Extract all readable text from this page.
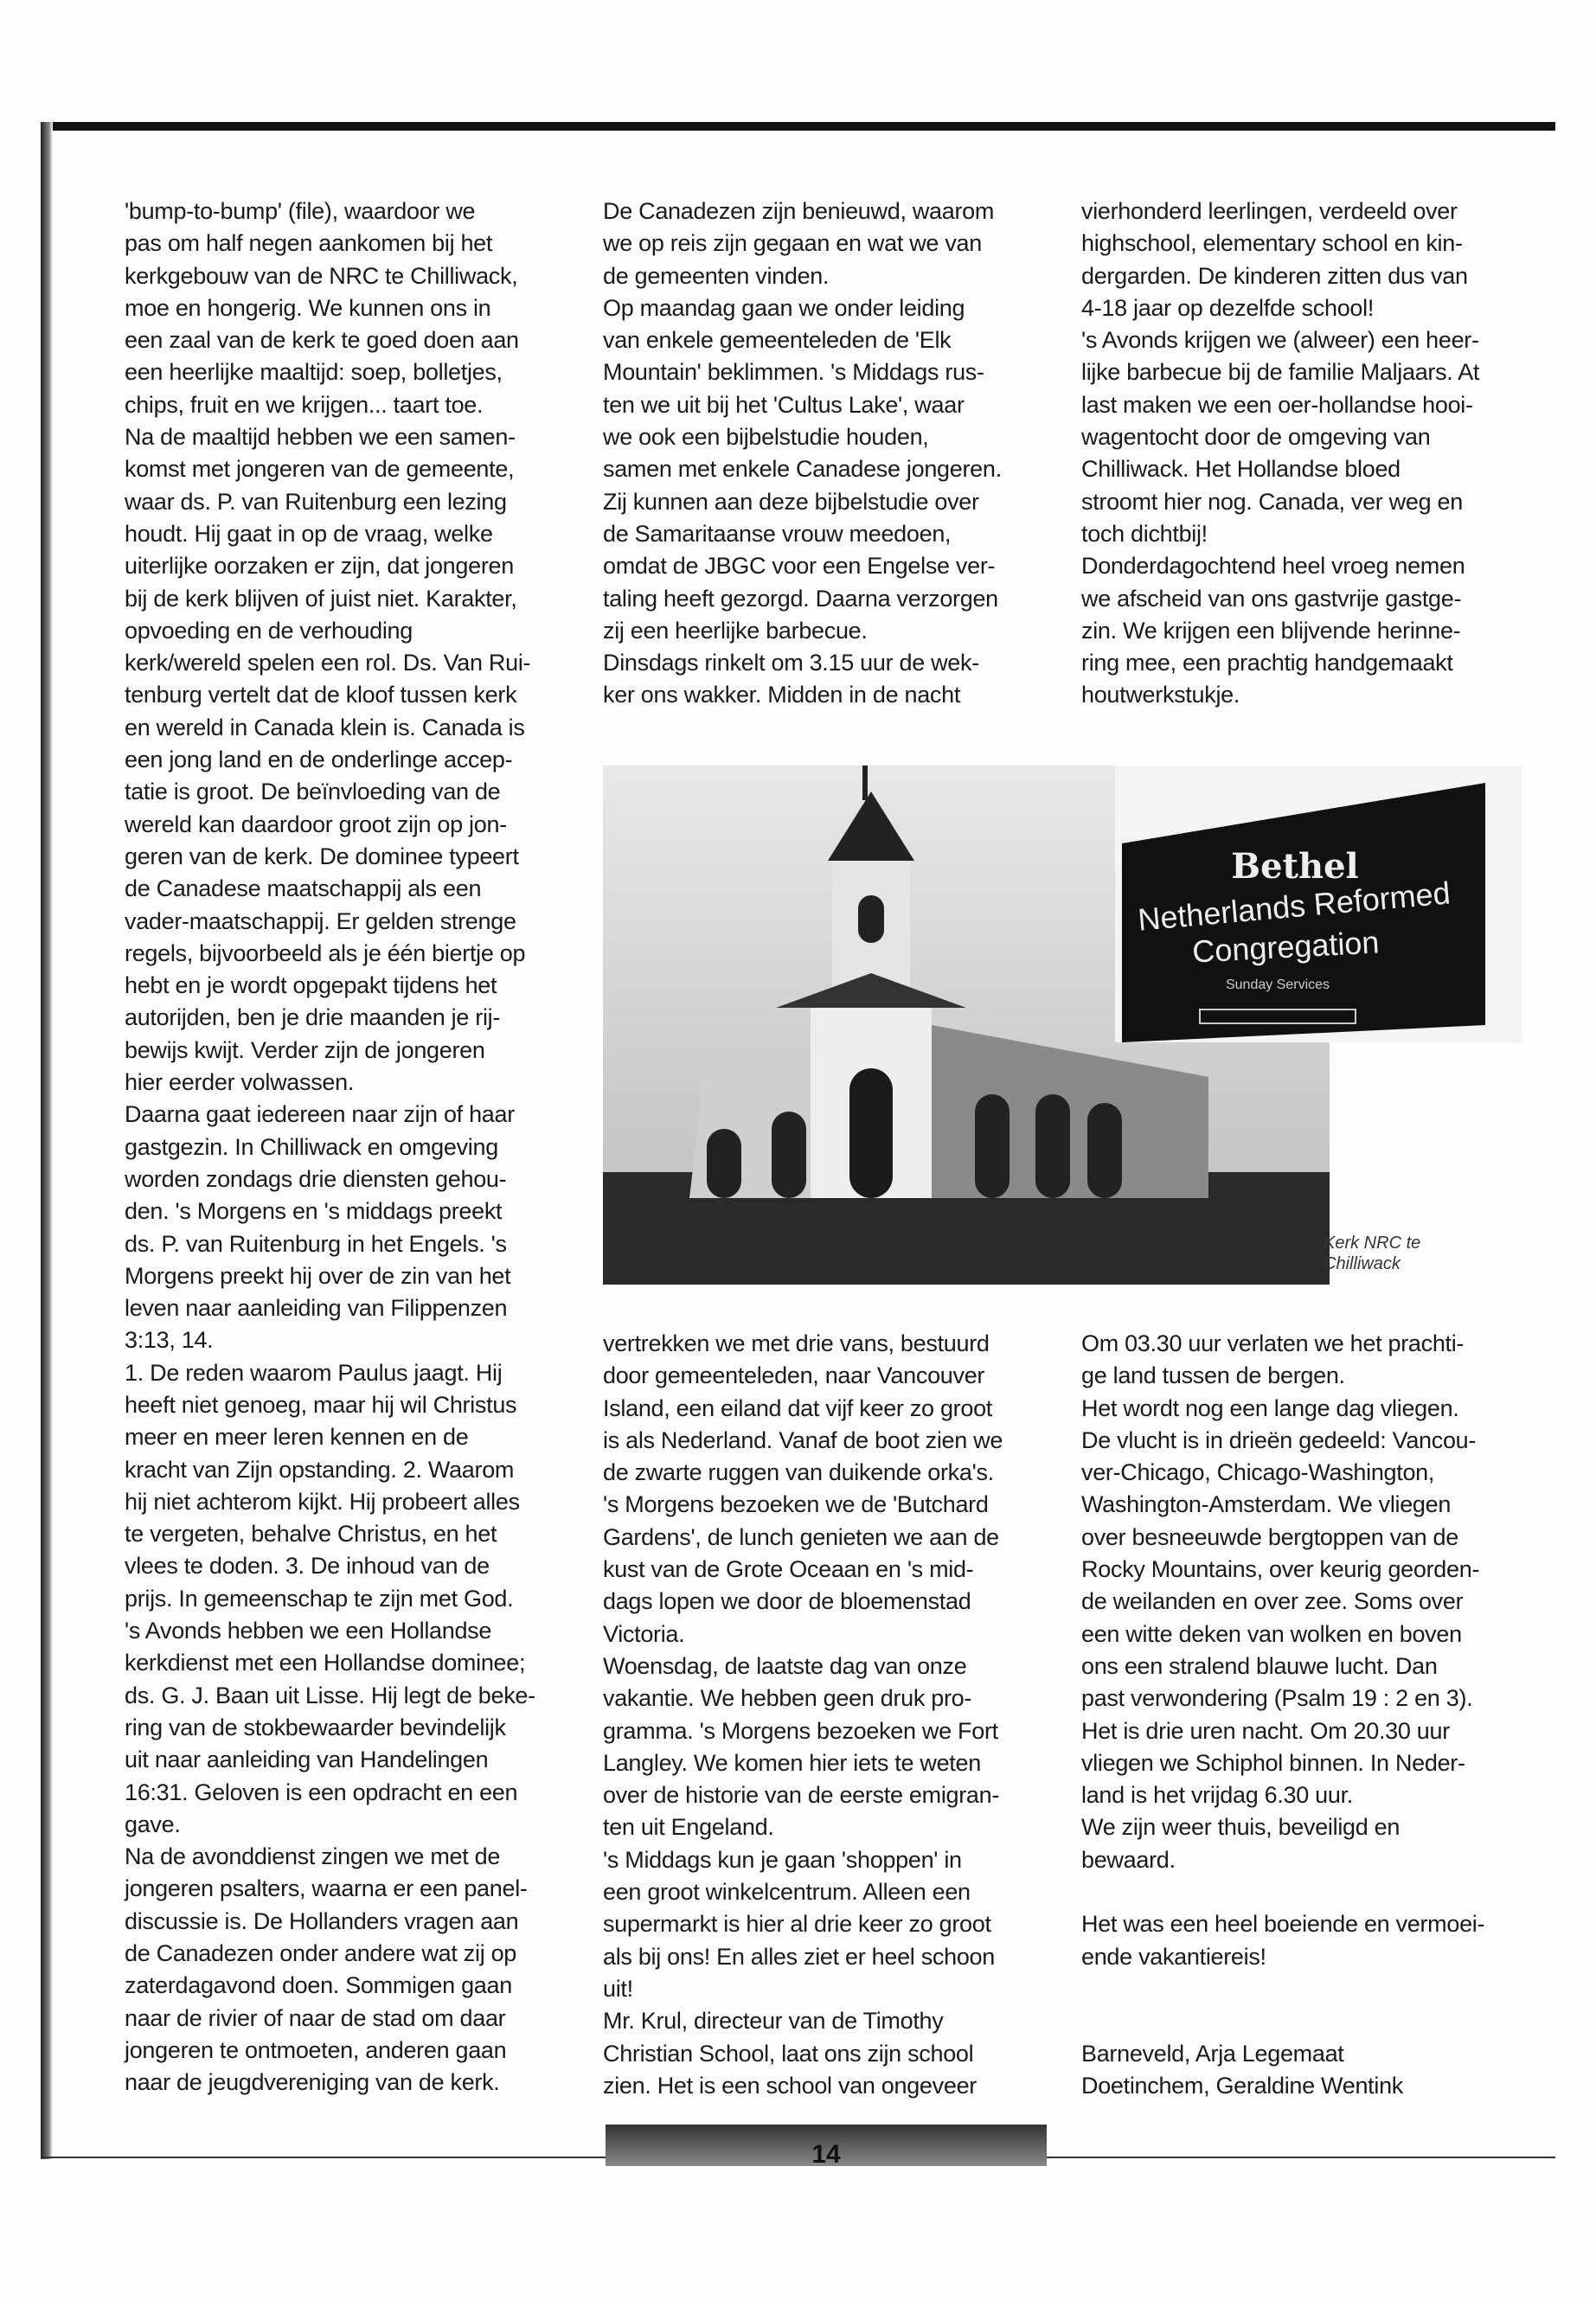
'bump-to-bump' (file), waardoor we
pas om half negen aankomen bij het
kerkgebouw van de NRC te Chilliwack,
moe en hongerig. We kunnen ons in
een zaal van de kerk te goed doen aan
een heerlijke maaltijd: soep, bolletjes,
chips, fruit en we krijgen... taart toe.
Na de maaltijd hebben we een samen-
komst met jongeren van de gemeente,
waar ds. P. van Ruitenburg een lezing
houdt. Hij gaat in op de vraag, welke
uiterlijke oorzaken er zijn, dat jongeren
bij de kerk blijven of juist niet. Karakter,
opvoeding en de verhouding
kerk/wereld spelen een rol. Ds. Van Rui-
tenburg vertelt dat de kloof tussen kerk
en wereld in Canada klein is. Canada is
een jong land en de onderlinge accep-
tatie is groot. De beïnvloeding van de
wereld kan daardoor groot zijn op jon-
geren van de kerk. De dominee typeert
de Canadese maatschappij als een
vader-maatschappij. Er gelden strenge
regels, bijvoorbeeld als je één biertje op
hebt en je wordt opgepakt tijdens het
autorijden, ben je drie maanden je rij-
bewijs kwijt. Verder zijn de jongeren
hier eerder volwassen.
Daarna gaat iedereen naar zijn of haar
gastgezin. In Chilliwack en omgeving
worden zondags drie diensten gehou-
den. 's Morgens en 's middags preekt
ds. P. van Ruitenburg in het Engels. 's
Morgens preekt hij over de zin van het
leven naar aanleiding van Filippenzen
3:13, 14.
1. De reden waarom Paulus jaagt. Hij
heeft niet genoeg, maar hij wil Christus
meer en meer leren kennen en de
kracht van Zijn opstanding. 2. Waarom
hij niet achterom kijkt. Hij probeert alles
te vergeten, behalve Christus, en het
vlees te doden. 3. De inhoud van de
prijs. In gemeenschap te zijn met God.
's Avonds hebben we een Hollandse
kerkdienst met een Hollandse dominee;
ds. G. J. Baan uit Lisse. Hij legt de beke-
ring van de stokbewaarder bevindelijk
uit naar aanleiding van Handelingen
16:31. Geloven is een opdracht en een
gave.
Na de avonddienst zingen we met de
jongeren psalters, waarna er een panel-
discussie is. De Hollanders vragen aan
de Canadezen onder andere wat zij op
zaterdagavond doen. Sommigen gaan
naar de rivier of naar de stad om daar
jongeren te ontmoeten, anderen gaan
naar de jeugdvereniging van de kerk.
De Canadezen zijn benieuwd, waarom
we op reis zijn gegaan en wat we van
de gemeenten vinden.
Op maandag gaan we onder leiding
van enkele gemeenteleden de 'Elk
Mountain' beklimmen. 's Middags rus-
ten we uit bij het 'Cultus Lake', waar
we ook een bijbelstudie houden,
samen met enkele Canadese jongeren.
Zij kunnen aan deze bijbelstudie over
de Samaritaanse vrouw meedoen,
omdat de JBGC voor een Engelse ver-
taling heeft gezorgd. Daarna verzorgen
zij een heerlijke barbecue.
Dinsdags rinkelt om 3.15 uur de wek-
ker ons wakker. Midden in de nacht
vertrekken we met drie vans, bestuurd
door gemeenteleden, naar Vancouver
Island, een eiland dat vijf keer zo groot
is als Nederland. Vanaf de boot zien we
de zwarte ruggen van duikende orka's.
's Morgens bezoeken we de 'Butchard
Gardens', de lunch genieten we aan de
kust van de Grote Oceaan en 's mid-
dags lopen we door de bloemenstad
Victoria.
Woensdag, de laatste dag van onze
vakantie. We hebben geen druk pro-
gramma. 's Morgens bezoeken we Fort
Langley. We komen hier iets te weten
over de historie van de eerste emigran-
ten uit Engeland.
's Middags kun je gaan 'shoppen' in
een groot winkelcentrum. Alleen een
supermarkt is hier al drie keer zo groot
als bij ons! En alles ziet er heel schoon
uit!
Mr. Krul, directeur van de Timothy
Christian School, laat ons zijn school
zien. Het is een school van ongeveer
vierhonderd leerlingen, verdeeld over
highschool, elementary school en kin-
dergarden. De kinderen zitten dus van
4-18 jaar op dezelfde school!
's Avonds krijgen we (alweer) een heer-
lijke barbecue bij de familie Maljaars. At
last maken we een oer-hollandse hooi-
wagentocht door de omgeving van
Chilliwack. Het Hollandse bloed
stroomt hier nog. Canada, ver weg en
toch dichtbij!
Donderdagochtend heel vroeg nemen
we afscheid van ons gastvrije gastge-
zin. We krijgen een blijvende herinne-
ring mee, een prachtig handgemaakt
houtwerkstukje.
Om 03.30 uur verlaten we het prachti-
ge land tussen de bergen.
Het wordt nog een lange dag vliegen.
De vlucht is in drieën gedeeld: Vancou-
ver-Chicago, Chicago-Washington,
Washington-Amsterdam. We vliegen
over besneeuwde bergtoppen van de
Rocky Mountains, over keurig georden-
de weilanden en over zee. Soms over
een witte deken van wolken en boven
ons een stralend blauwe lucht. Dan
past verwondering (Psalm 19 : 2 en 3).
Het is drie uren nacht. Om 20.30 uur
vliegen we Schiphol binnen. In Neder-
land is het vrijdag 6.30 uur.
We zijn weer thuis, beveiligd en
bewaard.

Het was een heel boeiende en vermoei-
ende vakantiereis!

Barneveld, Arja Legemaat
Doetinchem, Geraldine Wentink
Bethel
Netherlands Reformed
Congregation
Sunday Services
Kerk NRC te
Chilliwack
14
